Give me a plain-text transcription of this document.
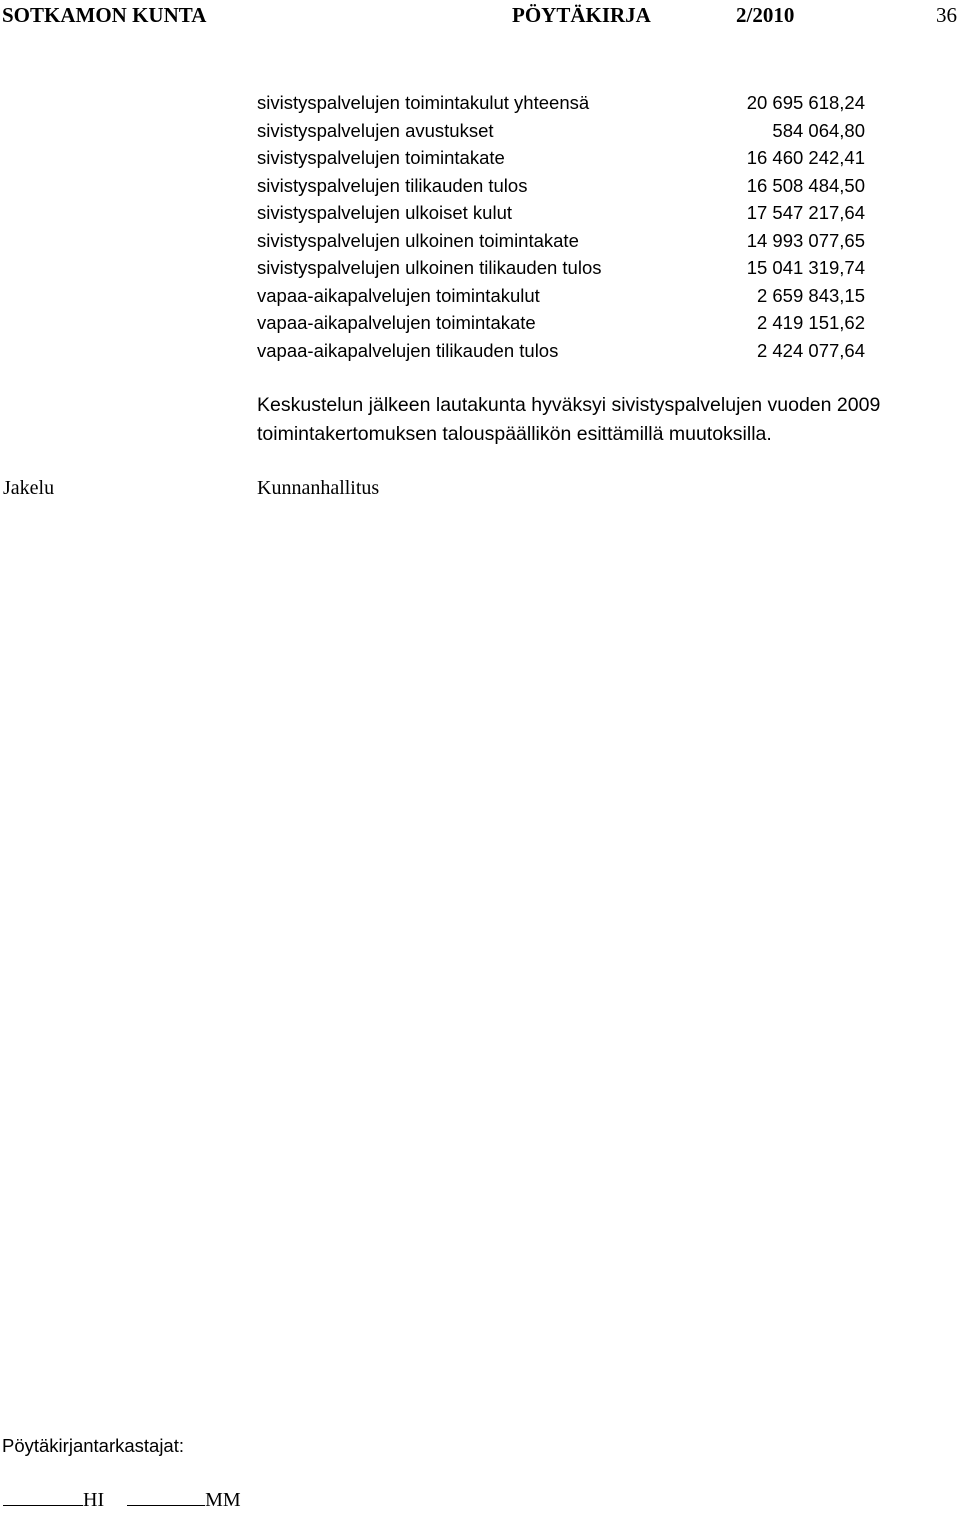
SOTKAMON KUNTA	PÖYTÄKIRJA	2/2010	36
sivistyspalvelujen toimintakulut yhteensä	20 695 618,24
sivistyspalvelujen avustukset	584 064,80
sivistyspalvelujen toimintakate	16 460 242,41
sivistyspalvelujen tilikauden tulos	16 508 484,50
sivistyspalvelujen ulkoiset kulut	17 547 217,64
sivistyspalvelujen ulkoinen toimintakate	14 993 077,65
sivistyspalvelujen ulkoinen tilikauden tulos	15 041 319,74
vapaa-aikapalvelujen toimintakulut	2 659 843,15
vapaa-aikapalvelujen toimintakate	2 419 151,62
vapaa-aikapalvelujen tilikauden tulos	2 424 077,64
Keskustelun jälkeen lautakunta hyväksyi sivistyspalvelujen vuoden 2009
toimintakertomuksen talouspäällikön esittämillä muutoksilla.
Jakelu	Kunnanhallitus
Pöytäkirjantarkastajat:
HI	MM
